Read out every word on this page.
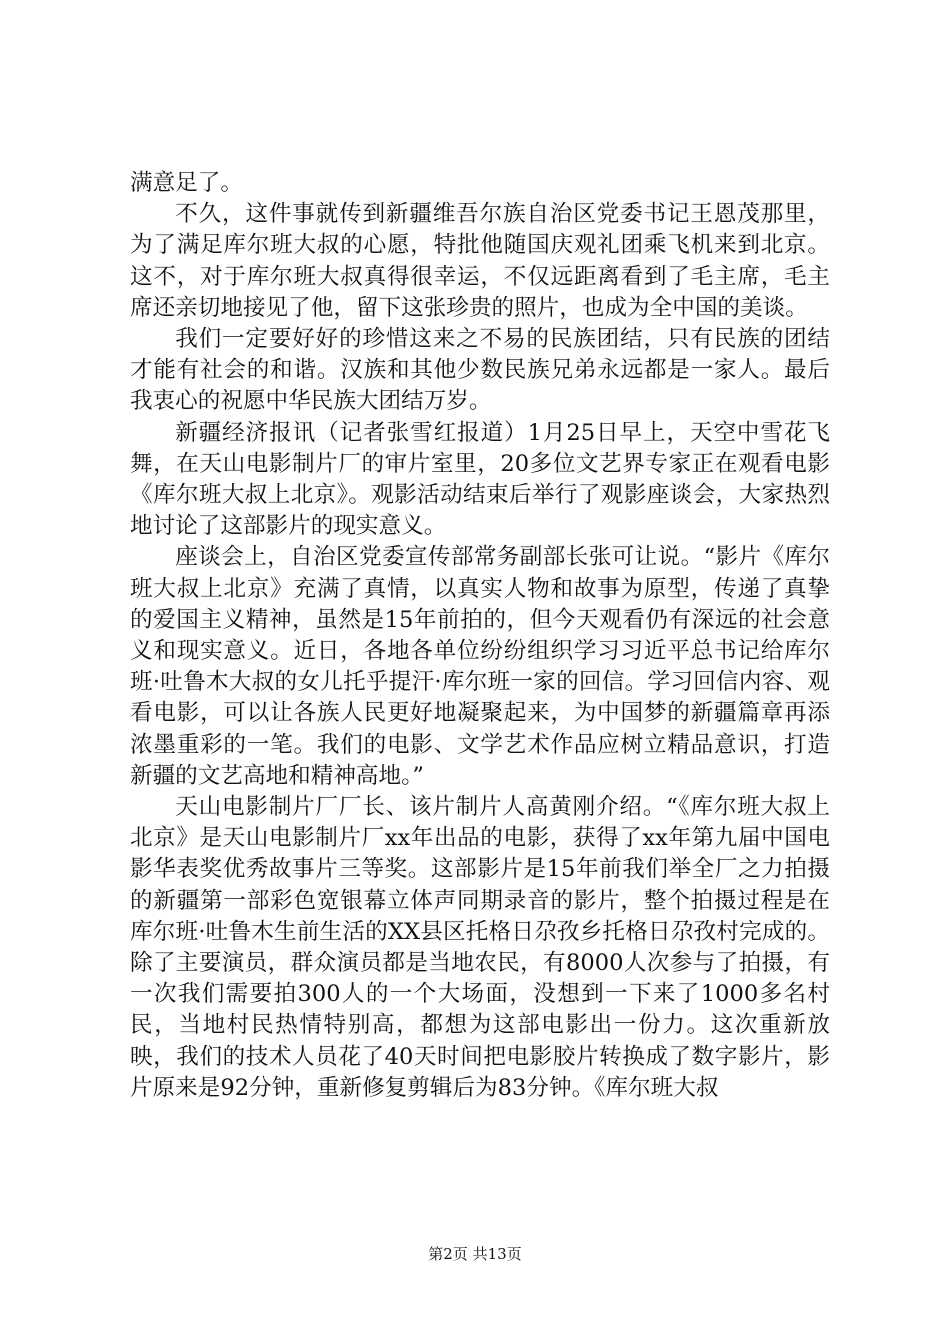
满意足了。

不久，这件事就传到新疆维吾尔族自治区党委书记王恩茂那里，为了满足库尔班大叔的心愿，特批他随国庆观礼团乘飞机来到北京。这不，对于库尔班大叔真得很幸运，不仅远距离看到了毛主席，毛主席还亲切地接见了他，留下这张珍贵的照片，也成为全中国的美谈。

我们一定要好好的珍惜这来之不易的民族团结，只有民族的团结才能有社会的和谐。汉族和其他少数民族兄弟永远都是一家人。最后我衷心的祝愿中华民族大团结万岁。

新疆经济报讯（记者张雪红报道）1月25日早上，天空中雪花飞舞，在天山电影制片厂的审片室里，20多位文艺界专家正在观看电影《库尔班大叔上北京》。观影活动结束后举行了观影座谈会，大家热烈地讨论了这部影片的现实意义。

座谈会上，自治区党委宣传部常务副部长张可让说。“影片《库尔班大叔上北京》充满了真情，以真实人物和故事为原型，传递了真挚的爱国主义精神，虽然是15年前拍的，但今天观看仍有深远的社会意义和现实意义。近日，各地各单位纷纷组织学习习近平总书记给库尔班·吐鲁木大叔的女儿托乎提汗·库尔班一家的回信。学习回信内容、观看电影，可以让各族人民更好地凝聚起来，为中国梦的新疆篇章再添浓墨重彩的一笔。我们的电影、文学艺术作品应树立精品意识，打造新疆的文艺高地和精神高地。”

天山电影制片厂厂长、该片制片人高黄刚介绍。“《库尔班大叔上北京》是天山电影制片厂xx年出品的电影，获得了xx年第九届中国电影华表奖优秀故事片三等奖。这部影片是15年前我们举全厂之力拍摄的新疆第一部彩色宽银幕立体声同期录音的影片，整个拍摄过程是在库尔班·吐鲁木生前生活的XX县区托格日尕孜乡托格日尕孜村完成的。除了主要演员，群众演员都是当地农民，有8000人次参与了拍摄，有一次我们需要拍300人的一个大场面，没想到一下来了1000多名村民，当地村民热情特别高，都想为这部电影出一份力。这次重新放映，我们的技术人员花了40天时间把电影胶片转换成了数字影片，影片原来是92分钟，重新修复剪辑后为83分钟。《库尔班大叔

第2页 共13页
